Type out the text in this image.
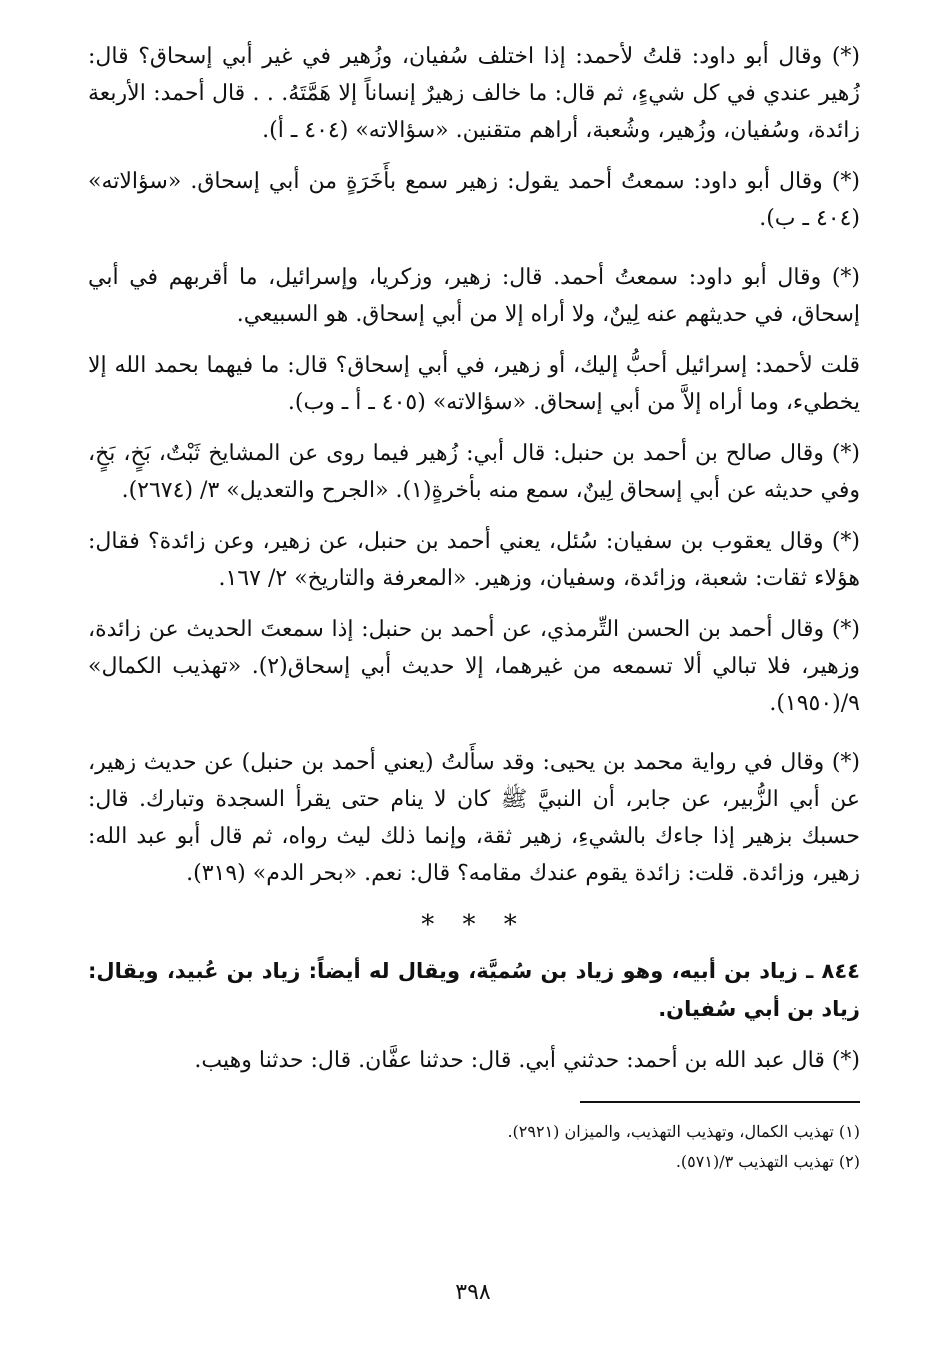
(*) وقال أبو داود: قلتُ لأحمد: إذا اختلف سُفيان، وزُهير في غير أبي إسحاق؟ قال: زُهير عندي في كل شيءٍ، ثم قال: ما خالف زهيرٌ إنساناً إلا هَمَّتَهُ. . . قال أحمد: الأربعة زائدة، وسُفيان، وزُهير، وشُعبة، أراهم متقنين. «سؤالاته» (٤٠٤ ـ أ).

(*) وقال أبو داود: سمعتُ أحمد يقول: زهير سمع بأَخَرَةٍ من أبي إسحاق. «سؤالاته» (٤٠٤ ـ ب).

(*) وقال أبو داود: سمعتُ أحمد. قال: زهير، وزكريا، وإسرائيل، ما أقربهم في أبي إسحاق، في حديثهم عنه لِينٌ، ولا أراه إلا من أبي إسحاق. هو السبيعي.

قلت لأحمد: إسرائيل أحبُّ إليك، أو زهير، في أبي إسحاق؟ قال: ما فيهما بحمد الله إلا يخطيء، وما أراه إلاَّ من أبي إسحاق. «سؤالاته» (٤٠٥ ـ أ ـ وب).

(*) وقال صالح بن أحمد بن حنبل: قال أبي: زُهير فيما روى عن المشايخ ثَبْتٌ، بَخٍ، بَخٍ، وفي حديثه عن أبي إسحاق لِينٌ، سمع منه بأخرةٍ(١). «الجرح والتعديل» ٣/ (٢٦٧٤).

(*) وقال يعقوب بن سفيان: سُئل، يعني أحمد بن حنبل، عن زهير، وعن زائدة؟ فقال: هؤلاء ثقات: شعبة، وزائدة، وسفيان، وزهير. «المعرفة والتاريخ» ٢/ ١٦٧.

(*) وقال أحمد بن الحسن التِّرمذي، عن أحمد بن حنبل: إذا سمعتَ الحديث عن زائدة، وزهير، فلا تبالي ألا تسمعه من غيرهما، إلا حديث أبي إسحاق(٢). «تهذيب الكمال» ٩/(١٩٥٠).

(*) وقال في رواية محمد بن يحيى: وقد سأَلتُ (يعني أحمد بن حنبل) عن حديث زهير، عن أبي الزُّبير، عن جابر، أن النبيَّ ﷺ كان لا ينام حتى يقرأ السجدة وتبارك. قال: حسبك بزهير إذا جاءك بالشيءِ، زهير ثقة، وإنما ذلك ليث رواه، ثم قال أبو عبد الله: زهير، وزائدة. قلت: زائدة يقوم عندك مقامه؟ قال: نعم. «بحر الدم» (٣١٩).

* * *
٨٤٤ ـ زياد بن أبيه، وهو زياد بن سُميَّة، ويقال له أيضاً: زياد بن عُبيد، ويقال: زياد بن أبي سُفيان.

(*) قال عبد الله بن أحمد: حدثني أبي. قال: حدثنا عفَّان. قال: حدثنا وهيب.

(١) تهذيب الكمال، وتهذيب التهذيب، والميزان (٢٩٢١).

(٢) تهذيب التهذيب ٣/(٥٧١).

٣٩٨
